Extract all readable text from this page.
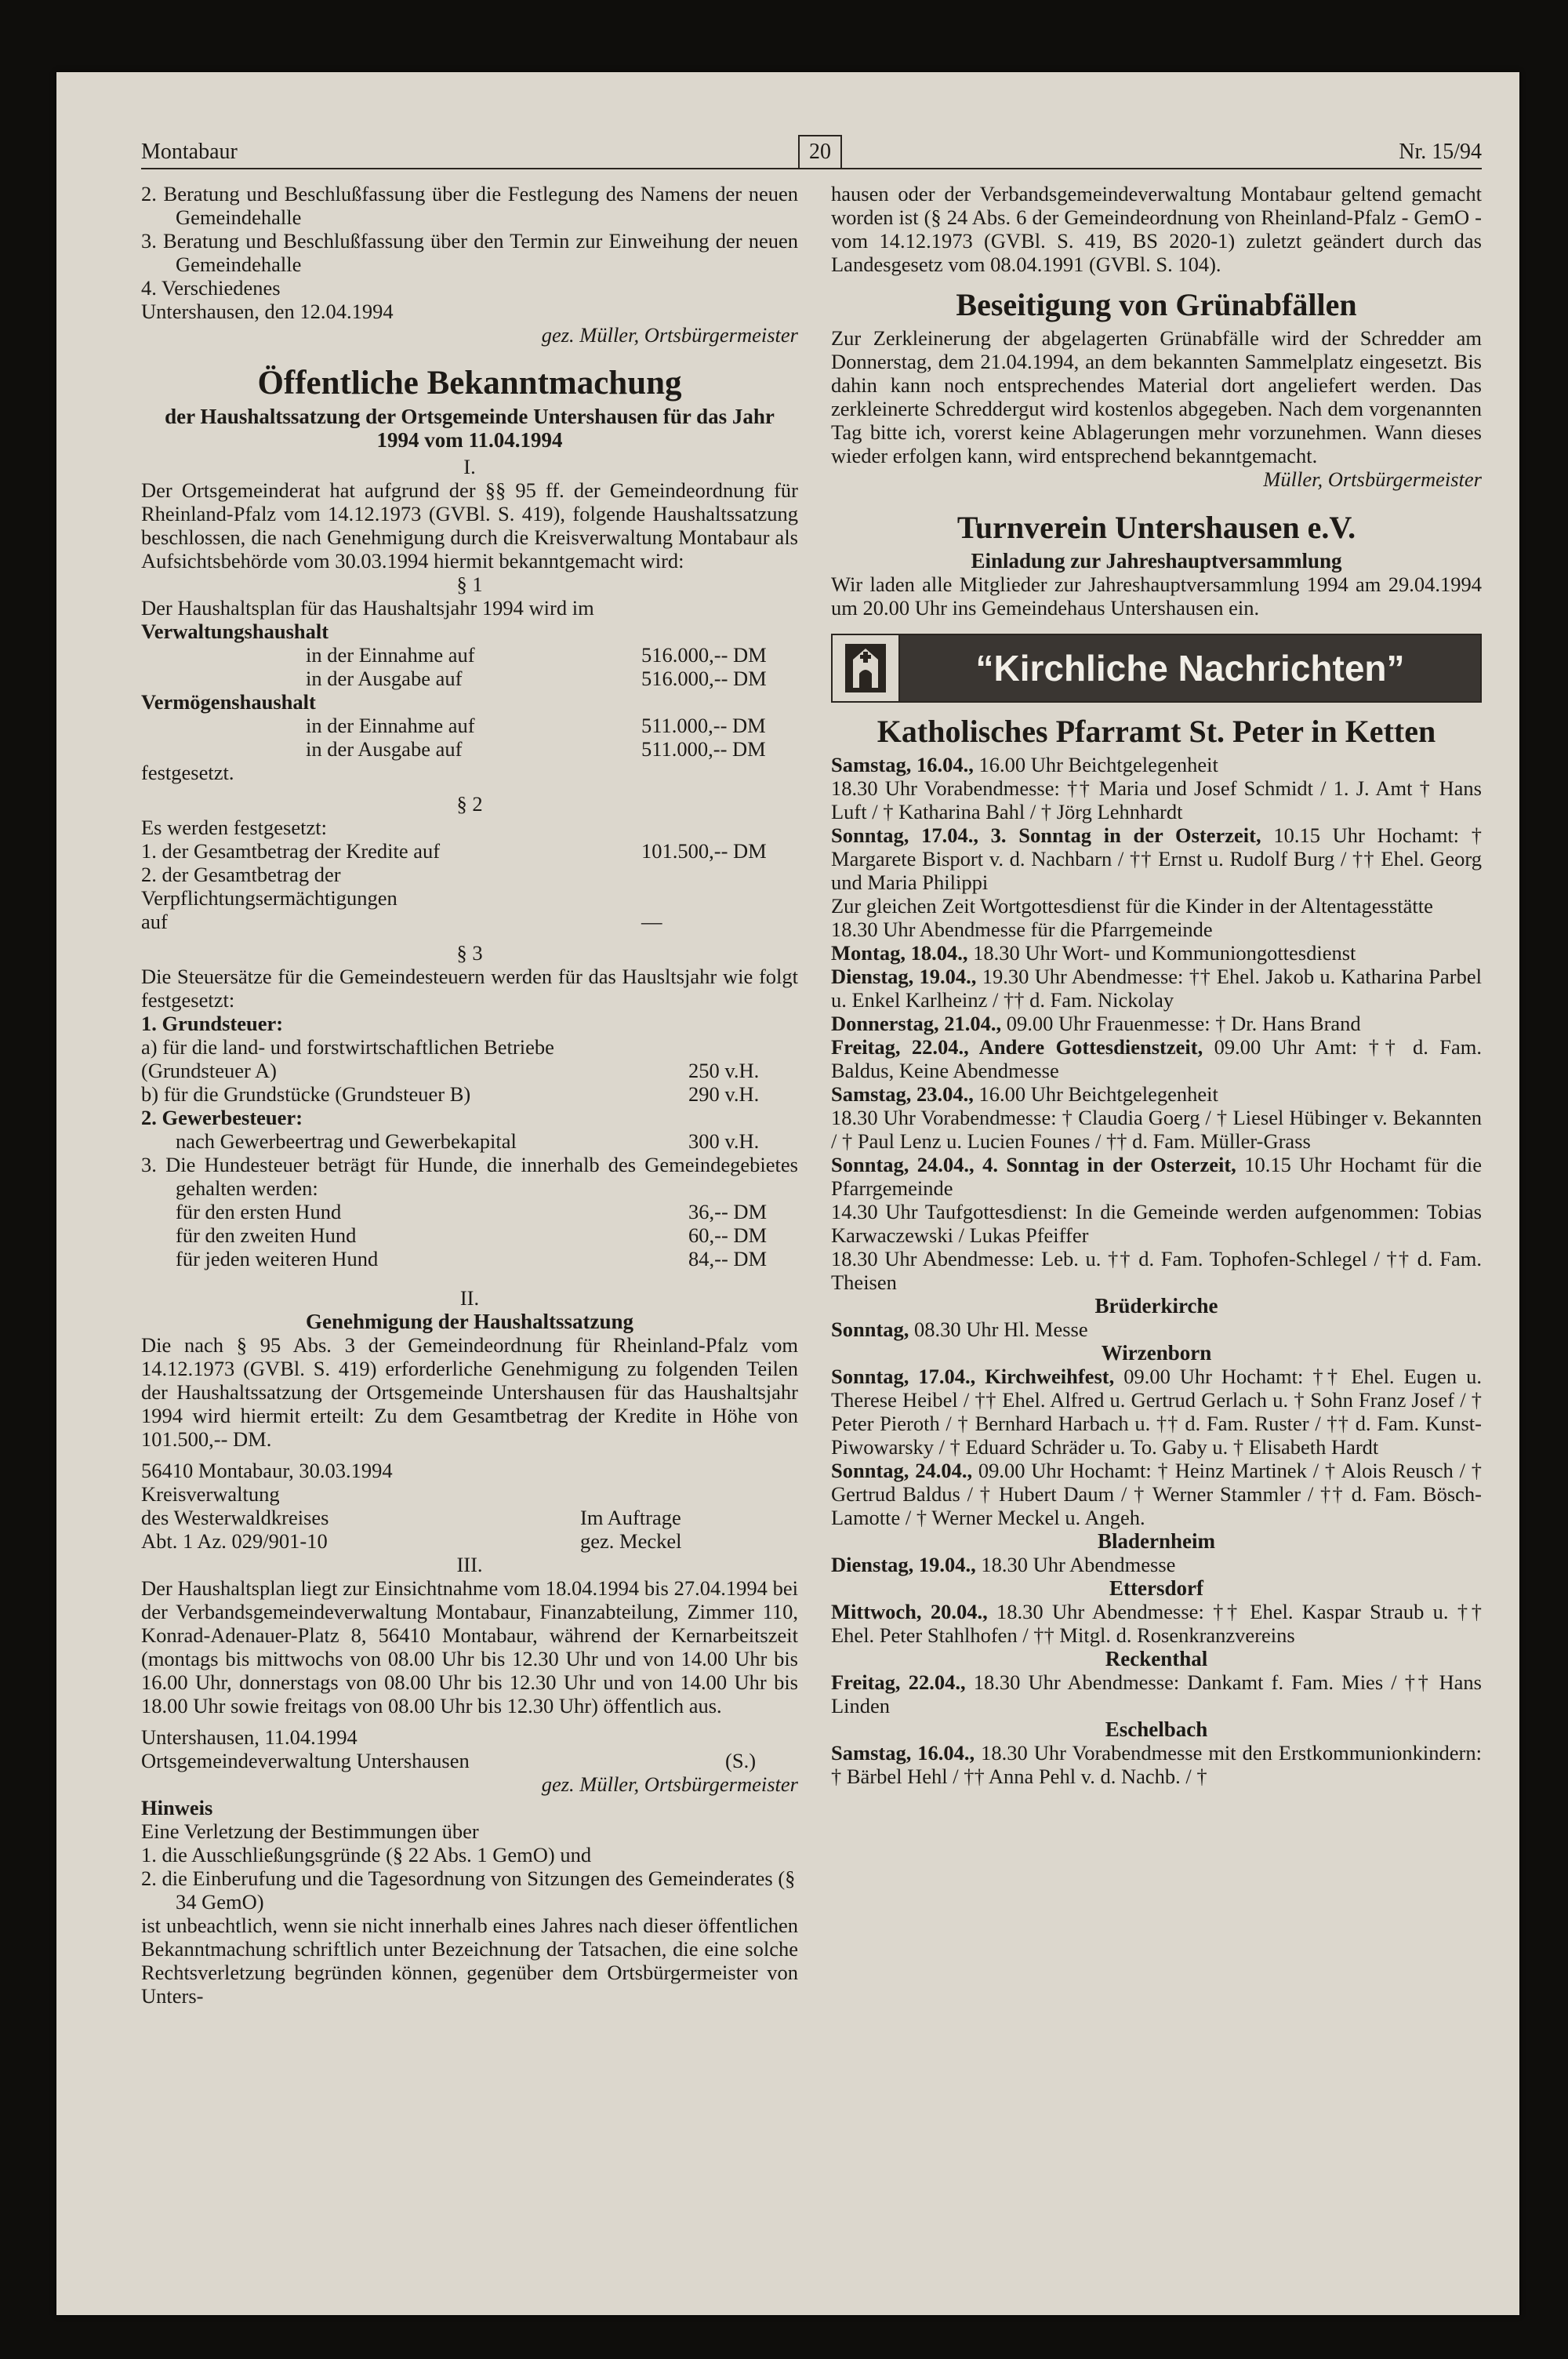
Montabaur	20	Nr. 15/94

2. Beratung und Beschlußfassung über die Festlegung des Namens der neuen Gemeindehalle

3. Beratung und Beschlußfassung über den Termin zur Einweihung der neuen Gemeindehalle

4. Verschiedenes

Untershausen, den 12.04.1994

gez. Müller, Ortsbürgermeister

Öffentliche Bekanntmachung

der Haushaltssatzung der Ortsgemeinde Untershausen für das Jahr 1994 vom 11.04.1994

I.

Der Ortsgemeinderat hat aufgrund der §§ 95 ff. der Gemeindeordnung für Rheinland-Pfalz vom 14.12.1973 (GVBl. S. 419), folgende Haushaltssatzung beschlossen, die nach Genehmigung durch die Kreisverwaltung Montabaur als Aufsichtsbehörde vom 30.03.1994 hiermit bekanntgemacht wird:

§ 1

Der Haushaltsplan für das Haushaltsjahr 1994 wird im

Verwaltungshaushalt

in der Einnahme auf	516.000,-- DM
in der Ausgabe auf	516.000,-- DM

Vermögenshaushalt

in der Einnahme auf	511.000,-- DM
in der Ausgabe auf	511.000,-- DM

festgesetzt.

§ 2

Es werden festgesetzt:

1. der Gesamtbetrag der Kredite auf	101.500,-- DM
2. der Gesamtbetrag der Verpflichtungsermächtigungen auf	—

§ 3

Die Steuersätze für die Gemeindesteuern werden für das Hausltsjahr wie folgt festgesetzt:

1. Grundsteuer:

a) für die land- und forstwirtschaftlichen Betriebe (Grundsteuer A)	250 v.H.
b) für die Grundstücke (Grundsteuer B)	290 v.H.

2. Gewerbesteuer:

nach Gewerbeertrag und Gewerbekapital	300 v.H.

3. Die Hundesteuer beträgt für Hunde, die innerhalb des Gemeindegebietes gehalten werden:

für den ersten Hund	36,-- DM
für den zweiten Hund	60,-- DM
für jeden weiteren Hund	84,-- DM

II.

Genehmigung der Haushaltssatzung

Die nach § 95 Abs. 3 der Gemeindeordnung für Rheinland-Pfalz vom 14.12.1973 (GVBl. S. 419) erforderliche Genehmigung zu folgenden Teilen der Haushaltssatzung der Ortsgemeinde Untershausen für das Haushaltsjahr 1994 wird hiermit erteilt: Zu dem Gesamtbetrag der Kredite in Höhe von 101.500,-- DM.

56410 Montabaur, 30.03.1994

Kreisverwaltung

des Westerwaldkreises	Im Auftrage
Abt. 1 Az. 029/901-10	gez. Meckel

III.

Der Haushaltsplan liegt zur Einsichtnahme vom 18.04.1994 bis 27.04.1994 bei der Verbandsgemeindeverwaltung Montabaur, Finanzabteilung, Zimmer 110, Konrad-Adenauer-Platz 8, 56410 Montabaur, während der Kernarbeitszeit (montags bis mittwochs von 08.00 Uhr bis 12.30 Uhr und von 14.00 Uhr bis 16.00 Uhr, donnerstags von 08.00 Uhr bis 12.30 Uhr und von 14.00 Uhr bis 18.00 Uhr sowie freitags von 08.00 Uhr bis 12.30 Uhr) öffentlich aus.

Untershausen, 11.04.1994

Ortsgemeindeverwaltung Untershausen	(S.)

gez. Müller, Ortsbürgermeister

Hinweis

Eine Verletzung der Bestimmungen über

1. die Ausschließungsgründe (§ 22 Abs. 1 GemO) und

2. die Einberufung und die Tagesordnung von Sitzungen des Gemeinderates (§ 34 GemO)

ist unbeachtlich, wenn sie nicht innerhalb eines Jahres nach dieser öffentlichen Bekanntmachung schriftlich unter Bezeichnung der Tatsachen, die eine solche Rechtsverletzung begründen können, gegenüber dem Ortsbürgermeister von Unters-

hausen oder der Verbandsgemeindeverwaltung Montabaur geltend gemacht worden ist (§ 24 Abs. 6 der Gemeindeordnung von Rheinland-Pfalz - GemO - vom 14.12.1973 (GVBl. S. 419, BS 2020-1) zuletzt geändert durch das Landesgesetz vom 08.04.1991 (GVBl. S. 104).

Beseitigung von Grünabfällen

Zur Zerkleinerung der abgelagerten Grünabfälle wird der Schredder am Donnerstag, dem 21.04.1994, an dem bekannten Sammelplatz eingesetzt. Bis dahin kann noch entsprechendes Material dort angeliefert werden. Das zerkleinerte Schreddergut wird kostenlos abgegeben. Nach dem vorgenannten Tag bitte ich, vorerst keine Ablagerungen mehr vorzunehmen. Wann dieses wieder erfolgen kann, wird entsprechend bekanntgemacht.

Müller, Ortsbürgermeister

Turnverein Untershausen e.V.

Einladung zur Jahreshauptversammlung

Wir laden alle Mitglieder zur Jahreshauptversammlung 1994 am 29.04.1994 um 20.00 Uhr ins Gemeindehaus Untershausen ein.

“Kirchliche Nachrichten”

Katholisches Pfarramt St. Peter in Ketten

Samstag, 16.04., 16.00 Uhr Beichtgelegenheit

18.30 Uhr Vorabendmesse: †† Maria und Josef Schmidt / 1. J. Amt † Hans Luft / † Katharina Bahl / † Jörg Lehnhardt

Sonntag, 17.04., 3. Sonntag in der Osterzeit, 10.15 Uhr Hochamt: † Margarete Bisport v. d. Nachbarn / †† Ernst u. Rudolf Burg / †† Ehel. Georg und Maria Philippi

Zur gleichen Zeit Wortgottesdienst für die Kinder in der Altentagesstätte

18.30 Uhr Abendmesse für die Pfarrgemeinde

Montag, 18.04., 18.30 Uhr Wort- und Kommuniongottesdienst

Dienstag, 19.04., 19.30 Uhr Abendmesse: †† Ehel. Jakob u. Katharina Parbel u. Enkel Karlheinz / †† d. Fam. Nickolay

Donnerstag, 21.04., 09.00 Uhr Frauenmesse: † Dr. Hans Brand

Freitag, 22.04., Andere Gottesdienstzeit, 09.00 Uhr Amt: †† d. Fam. Baldus, Keine Abendmesse

Samstag, 23.04., 16.00 Uhr Beichtgelegenheit

18.30 Uhr Vorabendmesse: † Claudia Goerg / † Liesel Hübinger v. Bekannten / † Paul Lenz u. Lucien Founes / †† d. Fam. Müller-Grass

Sonntag, 24.04., 4. Sonntag in der Osterzeit, 10.15 Uhr Hochamt für die Pfarrgemeinde

14.30 Uhr Taufgottesdienst: In die Gemeinde werden aufgenommen: Tobias Karwaczewski / Lukas Pfeiffer

18.30 Uhr Abendmesse: Leb. u. †† d. Fam. Tophofen-Schlegel / †† d. Fam. Theisen

Brüderkirche

Sonntag, 08.30 Uhr Hl. Messe

Wirzenborn

Sonntag, 17.04., Kirchweihfest, 09.00 Uhr Hochamt: †† Ehel. Eugen u. Therese Heibel / †† Ehel. Alfred u. Gertrud Gerlach u. † Sohn Franz Josef / † Peter Pieroth / † Bernhard Harbach u. †† d. Fam. Ruster / †† d. Fam. Kunst-Piwowarsky / † Eduard Schräder u. To. Gaby u. † Elisabeth Hardt

Sonntag, 24.04., 09.00 Uhr Hochamt: † Heinz Martinek / † Alois Reusch / † Gertrud Baldus / † Hubert Daum / † Werner Stammler / †† d. Fam. Bösch-Lamotte / † Werner Meckel u. Angeh.

Bladernheim

Dienstag, 19.04., 18.30 Uhr Abendmesse

Ettersdorf

Mittwoch, 20.04., 18.30 Uhr Abendmesse: †† Ehel. Kaspar Straub u. †† Ehel. Peter Stahlhofen / †† Mitgl. d. Rosenkranzvereins

Reckenthal

Freitag, 22.04., 18.30 Uhr Abendmesse: Dankamt f. Fam. Mies / †† Hans Linden

Eschelbach

Samstag, 16.04., 18.30 Uhr Vorabendmesse mit den Erstkommunionkindern: † Bärbel Hehl / †† Anna Pehl v. d. Nachb. / †
